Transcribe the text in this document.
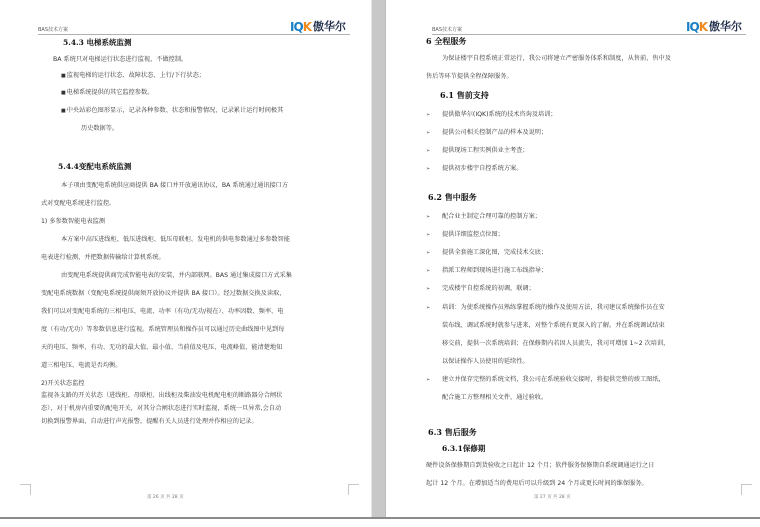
BAS技术方案	IQK 傲华尔
5.4.3 电梯系统监测
BA 系统只对电梯运行状态进行监视，不做控制。
■ 监视电梯的运行状态、故障状态、上行/下行状态；
■ 电梯系统提供的其它监控参数。
■ 中央站彩色图形显示，记录各种参数、状态和报警情况，记录累计运行时间极其
历史数据等。
5.4.4变配电系统监测
本子项由变配电系统供应商提供 BA 接口并开放通讯协议，BA 系统通过通讯接口方
式对变配电系统进行监控。
1) 多参数智能电表监测
本方案中高压进线柜、低压进线柜、低压母联柜、发电机的供电参数通过多参数智能
电表进行检测，并把数据传输给计算机系统。
由变配电系统提供商完成智能电表的安装，并内部联网。BAS 通过集成接口方式采集
变配电系统数据（变配电系统提供商须开放协议并提供 BA 接口）。经过数据交换及读取，
我们可以对变配电系统的三相电压、电流、功率（有功/无功/视在）、功率因数、频率、电
度（有功/无功）等参数信息进行监视。系统管理员和操作员可以通过历史曲线图中见到每
天的电压、频率、有功、无功的最大值、最小值、当前值及电压、电流峰值，能清楚地知
道三相电压、电流是否均衡。
2)开关状态监控
监视各支路的开关状态（进线柜、母联柜、出线柜及柴油发电机配电柜的断路器分合闸状
态），对于机房内重要的配电开关，对其分合闸状态进行实时监视，系统一旦异常,会自动
切换到报警界面，自动进行声光报警，提醒有关人员进行处理并作相应的记录。
第 26 页 共 28 页
BAS技术方案	IQK 傲华尔
6 全程服务
为保证楼宇自控系统正常运行，我公司将建立严密服务体系和制度，从售前、售中及
售后等环节提供全程保障服务。
6.1 售前支持
➢ 提供傲华尔(IQK)系统的技术咨询及培训；
➢ 提供公司相关控制产品的样本及说明；
➢ 提供现场工程实例供业主考查；
➢ 提供初步楼宇自控系统方案。
6.2 售中服务
➢ 配合业主制定合理可靠的控制方案；
➢ 提供详细监控点位图；
➢ 提供全套施工深化图，完成技术交底；
➢ 指派工程师到现场进行施工布线指导；
➢ 完成楼宇自控系统的初调，联调；
➢ 培训：为使系统操作员熟练掌握系统的操作及使用方法，我司建议系统操作员在安
装布线、调试系统时就参与进来，对整个系统有更深入的了解。并在系统调试结束
移交前，提供一次系统培训；在保修期内若因人员流失，我司可增加 1~2 次培训，
以保证操作人员使用的延续性。
➢ 建立并保存完整的系统文档，我公司在系统验收交接时，将提供完整的竣工图纸，
配合施工方整理相关文件，通过验收。
6.3 售后服务
6.3.1保修期
硬件设备保修期自到货验收之日起计 12 个月；软件服务保修期自系统调通运行之日
起计 12 个月。在增加适当的费用后可以升级到 24 个月或更长时间的维保服务。
第 27 页 共 28 页
